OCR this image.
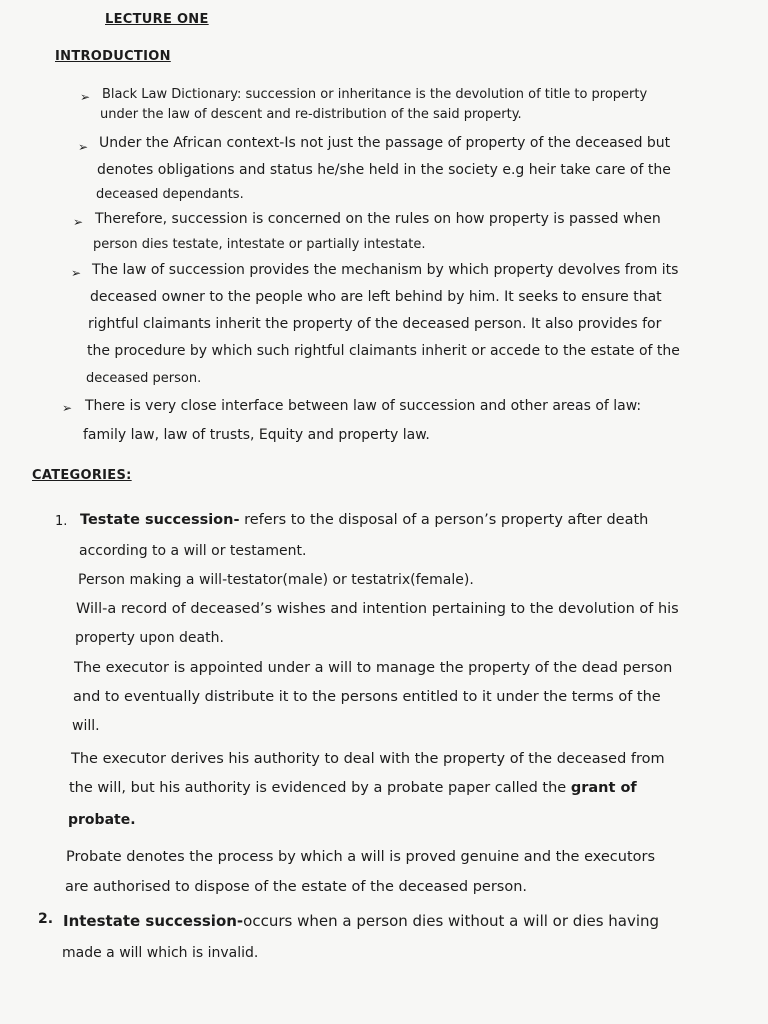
LECTURE ONE
INTRODUCTION
➢ Black Law Dictionary: succession or inheritance is the devolution of title to property
under the law of descent and re-distribution of the said property.
➢ Under the African context-Is not just the passage of property of the deceased but
denotes obligations and status he/she held in the society e.g heir take care of the
deceased dependants.
➢ Therefore, succession is concerned on the rules on how property is passed when
person dies testate, intestate or partially intestate.
➢ The law of succession provides the mechanism by which property devolves from its
deceased owner to the people who are left behind by him. It seeks to ensure that
rightful claimants inherit the property of the deceased person. It also provides for
the procedure by which such rightful claimants inherit or accede to the estate of the
deceased person.
➢ There is very close interface between law of succession and other areas of law:
family law, law of trusts, Equity and property law.
CATEGORIES:
1. Testate succession- refers to the disposal of a person’s property after death
according to a will or testament.
Person making a will-testator(male) or testatrix(female).
Will-a record of deceased’s wishes and intention pertaining to the devolution of his
property upon death.
The executor is appointed under a will to manage the property of the dead person
and to eventually distribute it to the persons entitled to it under the terms of the
will.
The executor derives his authority to deal with the property of the deceased from
the will, but his authority is evidenced by a probate paper called the grant of
probate.
Probate denotes the process by which a will is proved genuine and the executors
are authorised to dispose of the estate of the deceased person.
2. Intestate succession-occurs when a person dies without a will or dies having
made a will which is invalid.
